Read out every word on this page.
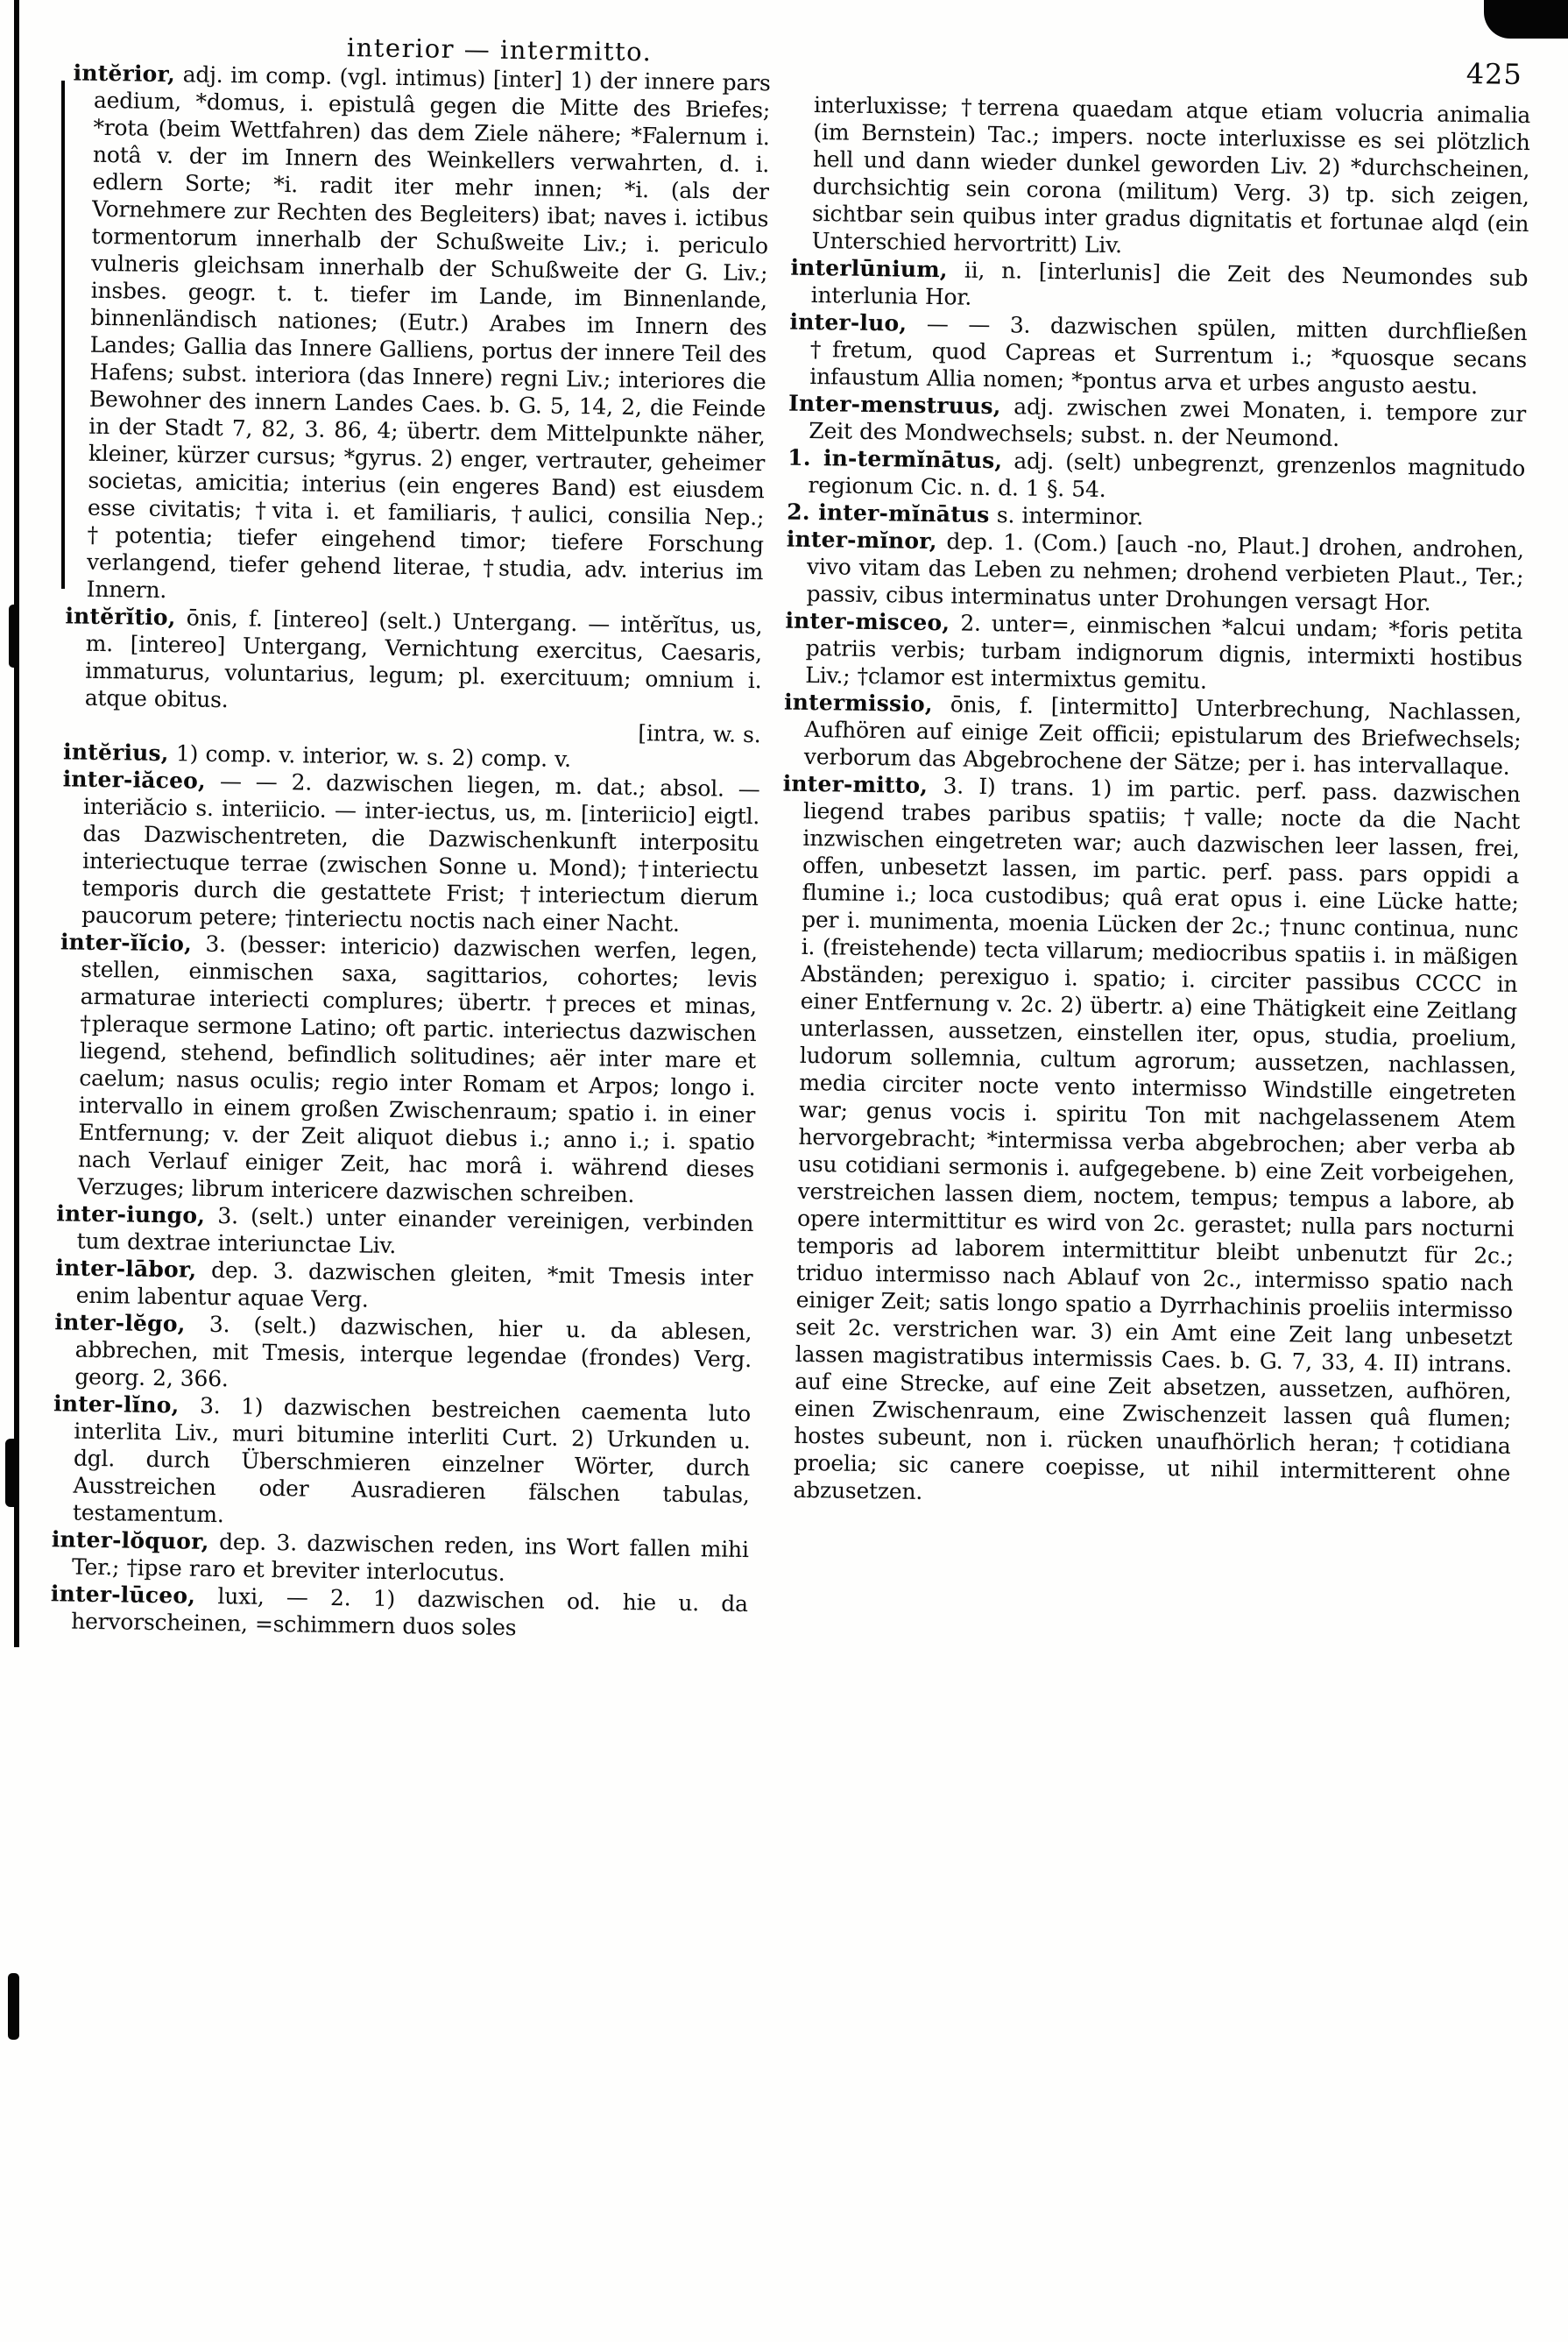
interior — intermitto.
425

intĕrior, adj. im comp. (vgl. intimus) [inter] 1) der innere pars aedium, *domus, i. epistulâ gegen die Mitte des Briefes; *rota (beim Wettfahren) das dem Ziele nähere; *Falernum i. notâ v. der im Innern des Weinkellers verwahrten, d. i. edlern Sorte; *i. radit iter mehr innen; *i. (als der Vornehmere zur Rechten des Begleiters) ibat; naves i. ictibus tormentorum innerhalb der Schußweite Liv.; i. periculo vulneris gleichsam innerhalb der Schußweite der G. Liv.; insbes. geogr. t. t. tiefer im Lande, im Binnenlande, binnenländisch nationes; (Eutr.) Arabes im Innern des Landes; Gallia das Innere Galliens, portus der innere Teil des Hafens; subst. interiora (das Innere) regni Liv.; interiores die Bewohner des innern Landes Caes. b. G. 5, 14, 2, die Feinde in der Stadt 7, 82, 3. 86, 4; übertr. dem Mittelpunkte näher, kleiner, kürzer cursus; *gyrus. 2) enger, vertrauter, geheimer societas, amicitia; interius (ein engeres Band) est eiusdem esse civitatis; †vita i. et familiaris, †aulici, consilia Nep.; †potentia; tiefer eingehend timor; tiefere Forschung verlangend, tiefer gehend literae, †studia, adv. interius im Innern.

intĕrĭtio, ōnis, f. [intereo] (selt.) Untergang. — intĕrĭtus, us, m. [intereo] Untergang, Vernichtung exercitus, Caesaris, immaturus, voluntarius, legum; pl. exercituum; omnium i. atque obitus.

[intra, w. s.

intĕrius, 1) comp. v. interior, w. s. 2) comp. v.

inter-iăceo, — — 2. dazwischen liegen, m. dat.; absol. — interiăcio s. interiicio. — inter-iectus, us, m. [interiicio] eigtl. das Dazwischentreten, die Dazwischenkunft interpositu interiectuque terrae (zwischen Sonne u. Mond); †interiectu temporis durch die gestattete Frist; †interiectum dierum paucorum petere; †interiectu noctis nach einer Nacht.

inter-ĭĭcio, 3. (besser: intericio) dazwischen werfen, legen, stellen, einmischen saxa, sagittarios, cohortes; levis armaturae interiecti complures; übertr. †preces et minas, †pleraque sermone Latino; oft partic. interiectus dazwischen liegend, stehend, befindlich solitudines; aër inter mare et caelum; nasus oculis; regio inter Romam et Arpos; longo i. intervallo in einem großen Zwischenraum; spatio i. in einer Entfernung; v. der Zeit aliquot diebus i.; anno i.; i. spatio nach Verlauf einiger Zeit, hac morâ i. während dieses Verzuges; librum intericere dazwischen schreiben.

inter-iungo, 3. (selt.) unter einander vereinigen, verbinden tum dextrae interiunctae Liv.

inter-lābor, dep. 3. dazwischen gleiten, *mit Tmesis inter enim labentur aquae Verg.

inter-lĕgo, 3. (selt.) dazwischen, hier u. da ablesen, abbrechen, mit Tmesis, interque legendae (frondes) Verg. georg. 2, 366.

inter-lĭno, 3. 1) dazwischen bestreichen caementa luto interlita Liv., muri bitumine interliti Curt. 2) Urkunden u. dgl. durch Überschmieren einzelner Wörter, durch Ausstreichen oder Ausradieren fälschen tabulas, testamentum.

inter-lŏquor, dep. 3. dazwischen reden, ins Wort fallen mihi Ter.; †ipse raro et breviter interlocutus.

inter-lūceo, luxi, — 2. 1) dazwischen od. hie u. da hervorscheinen, =schimmern duos soles

interluxisse; †terrena quaedam atque etiam volucria animalia (im Bernstein) Tac.; impers. nocte interluxisse es sei plötzlich hell und dann wieder dunkel geworden Liv. 2) *durchscheinen, durchsichtig sein corona (militum) Verg. 3) tp. sich zeigen, sichtbar sein quibus inter gradus dignitatis et fortunae alqd (ein Unterschied hervortritt) Liv.

interlūnium, ii, n. [interlunis] die Zeit des Neumondes sub interlunia Hor.

inter-luo, — — 3. dazwischen spülen, mitten durchfließen †fretum, quod Capreas et Surrentum i.; *quosque secans infaustum Allia nomen; *pontus arva et urbes angusto aestu.

Inter-menstruus, adj. zwischen zwei Monaten, i. tempore zur Zeit des Mondwechsels; subst. n. der Neumond.

1. in-termĭnātus, adj. (selt) unbegrenzt, grenzenlos magnitudo regionum Cic. n. d. 1 §. 54.

2. inter-mĭnātus s. interminor.

inter-mĭnor, dep. 1. (Com.) [auch -no, Plaut.] drohen, androhen, vivo vitam das Leben zu nehmen; drohend verbieten Plaut., Ter.; passiv, cibus interminatus unter Drohungen versagt Hor.

inter-misceo, 2. unter=, einmischen *alcui undam; *foris petita patriis verbis; turbam indignorum dignis, intermixti hostibus Liv.; †clamor est intermixtus gemitu.

intermissio, ōnis, f. [intermitto] Unterbrechung, Nachlassen, Aufhören auf einige Zeit officii; epistularum des Briefwechsels; verborum das Abgebrochene der Sätze; per i. has intervallaque.

inter-mitto, 3. I) trans. 1) im partic. perf. pass. dazwischen liegend trabes paribus spatiis; †valle; nocte da die Nacht inzwischen eingetreten war; auch dazwischen leer lassen, frei, offen, unbesetzt lassen, im partic. perf. pass. pars oppidi a flumine i.; loca custodibus; quâ erat opus i. eine Lücke hatte; per i. munimenta, moenia Lücken der 2c.; †nunc continua, nunc i. (freistehende) tecta villarum; mediocribus spatiis i. in mäßigen Abständen; perexiguo i. spatio; i. circiter passibus CCCC in einer Entfernung v. 2c. 2) übertr. a) eine Thätigkeit eine Zeitlang unterlassen, aussetzen, einstellen iter, opus, studia, proelium, ludorum sollemnia, cultum agrorum; aussetzen, nachlassen, media circiter nocte vento intermisso Windstille eingetreten war; genus vocis i. spiritu Ton mit nachgelassenem Atem hervorgebracht; *intermissa verba abgebrochen; aber verba ab usu cotidiani sermonis i. aufgegebene. b) eine Zeit vorbeigehen, verstreichen lassen diem, noctem, tempus; tempus a labore, ab opere intermittitur es wird von 2c. gerastet; nulla pars nocturni temporis ad laborem intermittitur bleibt unbenutzt für 2c.; triduo intermisso nach Ablauf von 2c., intermisso spatio nach einiger Zeit; satis longo spatio a Dyrrhachinis proeliis intermisso seit 2c. verstrichen war. 3) ein Amt eine Zeit lang unbesetzt lassen magistratibus intermissis Caes. b. G. 7, 33, 4. II) intrans. auf eine Strecke, auf eine Zeit absetzen, aussetzen, aufhören, einen Zwischenraum, eine Zwischenzeit lassen quâ flumen; hostes subeunt, non i. rücken unaufhörlich heran; †cotidiana proelia; sic canere coepisse, ut nihil intermitterent ohne abzusetzen.
